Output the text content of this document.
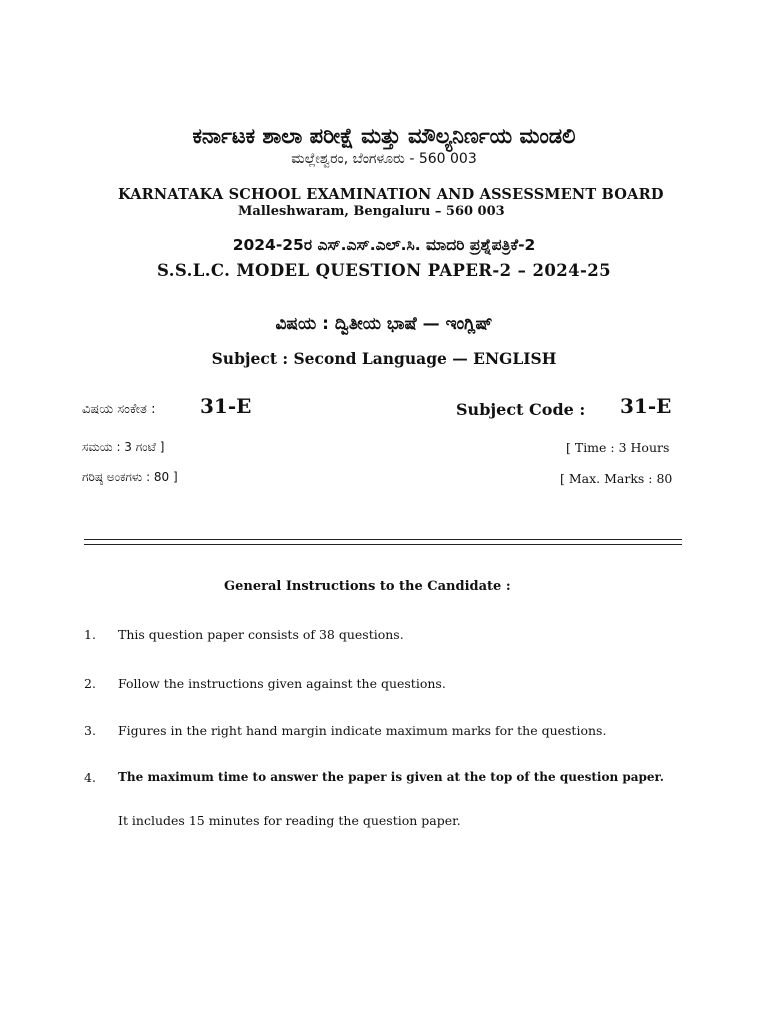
ಕರ್ನಾಟಕ ಶಾಲಾ ಪರೀಕ್ಷೆ ಮತ್ತು ಮೌಲ್ಯನಿರ್ಣಯ ಮಂಡಲಿ
ಮಲ್ಲೇಶ್ವರಂ, ಬೆಂಗಳೂರು - 560 003
KARNATAKA SCHOOL EXAMINATION AND ASSESSMENT BOARD
Malleshwaram, Bengaluru – 560 003
2024-25ರ ಎಸ್.ಎಸ್.ಎಲ್.ಸಿ. ಮಾದರಿ ಪ್ರಶ್ನೆಪತ್ರಿಕೆ-2
S.S.L.C. MODEL QUESTION PAPER-2 – 2024-25
ವಿಷಯ : ದ್ವಿತೀಯ ಭಾಷೆ — ಇಂಗ್ಲಿಷ್
Subject : Second Language — ENGLISH
ವಿಷಯ ಸಂಕೇತ : 31-E	Subject Code : 31-E
ಸಮಯ : 3 ಗಂಟೆ ]	[ Time : 3 Hours
ಗರಿಷ್ಠ ಅಂಕಗಳು : 80 ]	[ Max. Marks : 80
General Instructions to the Candidate :
1. This question paper consists of 38 questions.
2. Follow the instructions given against the questions.
3. Figures in the right hand margin indicate maximum marks for the questions.
4. The maximum time to answer the paper is given at the top of the question paper.
It includes 15 minutes for reading the question paper.
